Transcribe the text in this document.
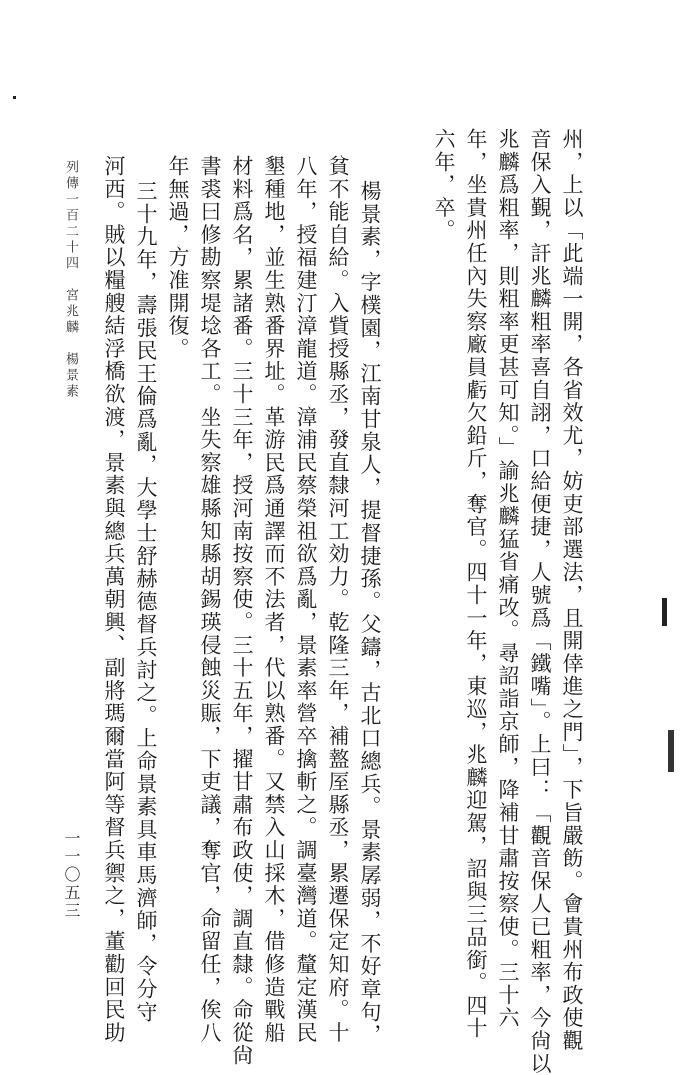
州，上以「此端一開，各省效尤，妨吏部選法，且開倖進之門」，下旨嚴飭。會貴州布政使觀
音保入覲，訐兆麟粗率喜自詡，口給便捷，人號爲「鐵嘴」。上曰：「觀音保人已粗率，今尙以
兆麟爲粗率，則粗率更甚可知。」諭兆麟猛省痛改。尋詔詣京師，降補甘肅按察使。三十六
年，坐貴州任內失察廠員虧欠鉛斤，奪官。四十一年，東巡，兆麟迎駕，詔與三品銜。四十
六年，卒。
楊景素，字樸園，江南甘泉人，提督捷孫。父鑄，古北口總兵。景素孱弱，不好章句，
貧不能自給。入貲授縣丞，發直隸河工効力。乾隆三年，補盩厔縣丞，累遷保定知府。十
八年，授福建汀漳龍道。漳浦民蔡榮祖欲爲亂，景素率營卒擒斬之。調臺灣道。釐定漢民
墾種地，並生熟番界址。革游民爲通譯而不法者，代以熟番。又禁入山採木，借修造戰船
材料爲名，累諸番。三十三年，授河南按察使。三十五年，擢甘肅布政使，調直隸。命從尙
書裘曰修勘察堤埝各工。坐失察雄縣知縣胡錫瑛侵蝕災賑，下吏議，奪官，命留任，俟八
年無過，方准開復。
三十九年，壽張民王倫爲亂，大學士舒赫德督兵討之。上命景素具車馬濟師，令分守
河西。賊以糧艘結浮橋欲渡，景素與總兵萬朝興、副將瑪爾當阿等督兵禦之，董勸回民助
列傳一百二十四　宮兆麟　楊景素
一一〇五三
